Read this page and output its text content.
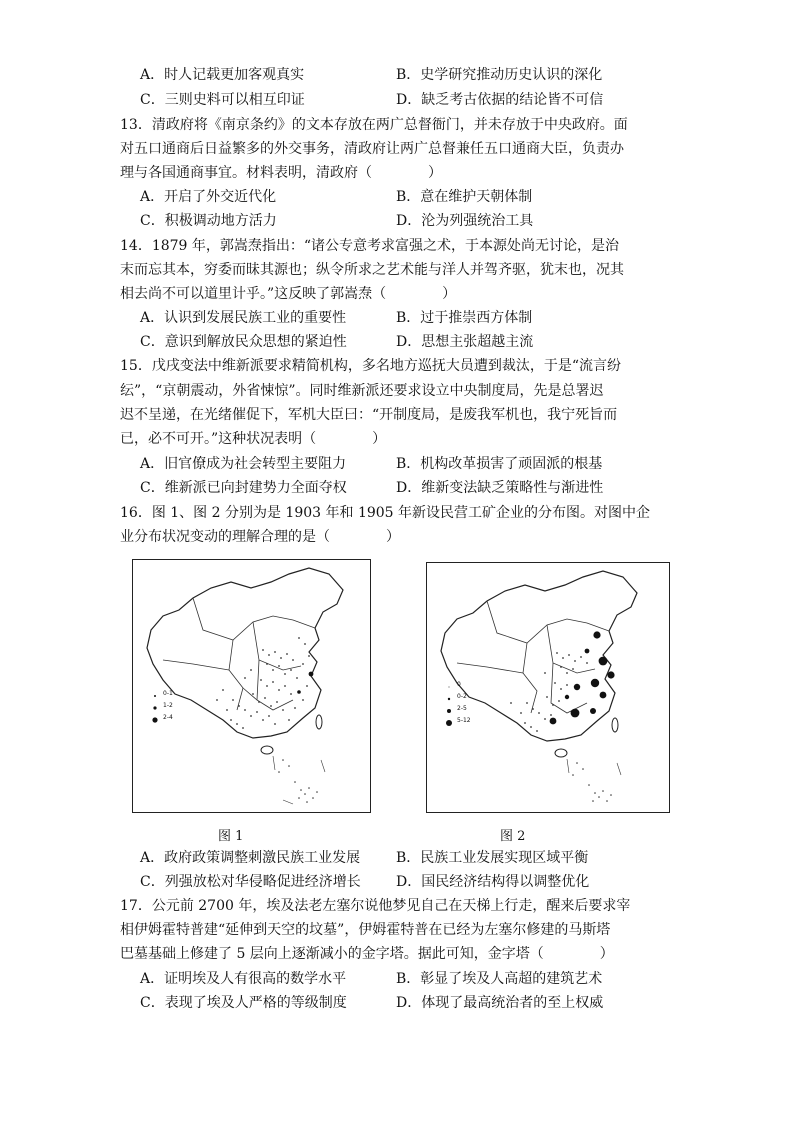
A．时人记载更加客观真实	B．史学研究推动历史认识的深化
C．三则史料可以相互印证	D．缺乏考古依据的结论皆不可信
13．清政府将《南京条约》的文本存放在两广总督衙门，并未存放于中央政府。面
对五口通商后日益繁多的外交事务，清政府让两广总督兼任五口通商大臣，负责办
理与各国通商事宜。材料表明，清政府（　　　　）
A．开启了外交近代化	B．意在维护天朝体制
C．积极调动地方活力	D．沦为列强统治工具
14．1879 年，郭嵩焘指出：“诸公专意考求富强之术，于本源处尚无讨论，是治
末而忘其本，穷委而昧其源也；纵令所求之艺术能与洋人并驾齐驱，犹末也，况其
相去尚不可以道里计乎。”这反映了郭嵩焘（　　　　）
A．认识到发展民族工业的重要性	B．过于推崇西方体制
C．意识到解放民众思想的紧迫性	D．思想主张超越主流
15．戊戌变法中维新派要求精简机构，多名地方巡抚大员遭到裁汰，于是“流言纷
纭”，“京朝震动，外省悚惊”。同时维新派还要求设立中央制度局，先是总署迟
迟不呈递，在光绪催促下，军机大臣曰：“开制度局，是废我军机也，我宁死旨而
已，必不可开。”这种状况表明（　　　　）
A．旧官僚成为社会转型主要阻力	B．机构改革损害了顽固派的根基
C．维新派已向封建势力全面夺权	D．维新变法缺乏策略性与渐进性
16．图 1、图 2 分别为是 1903 年和 1905 年新设民营工矿企业的分布图。对图中企
业分布状况变动的理解合理的是（　　　　）
0-1
1-2
2-4
0
0-2
2-5
5-12
图 1	图 2
A．政府政策调整刺激民族工业发展	B．民族工业发展实现区域平衡
C．列强放松对华侵略促进经济增长	D．国民经济结构得以调整优化
17．公元前 2700 年，埃及法老左塞尔说他梦见自己在天梯上行走，醒来后要求宰
相伊姆霍特普建“延伸到天空的坟墓”，伊姆霍特普在已经为左塞尔修建的马斯塔
巴墓基础上修建了 5 层向上逐渐减小的金字塔。据此可知，金字塔（　　　　）
A．证明埃及人有很高的数学水平	B．彰显了埃及人高超的建筑艺术
C．表现了埃及人严格的等级制度	D．体现了最高统治者的至上权威
